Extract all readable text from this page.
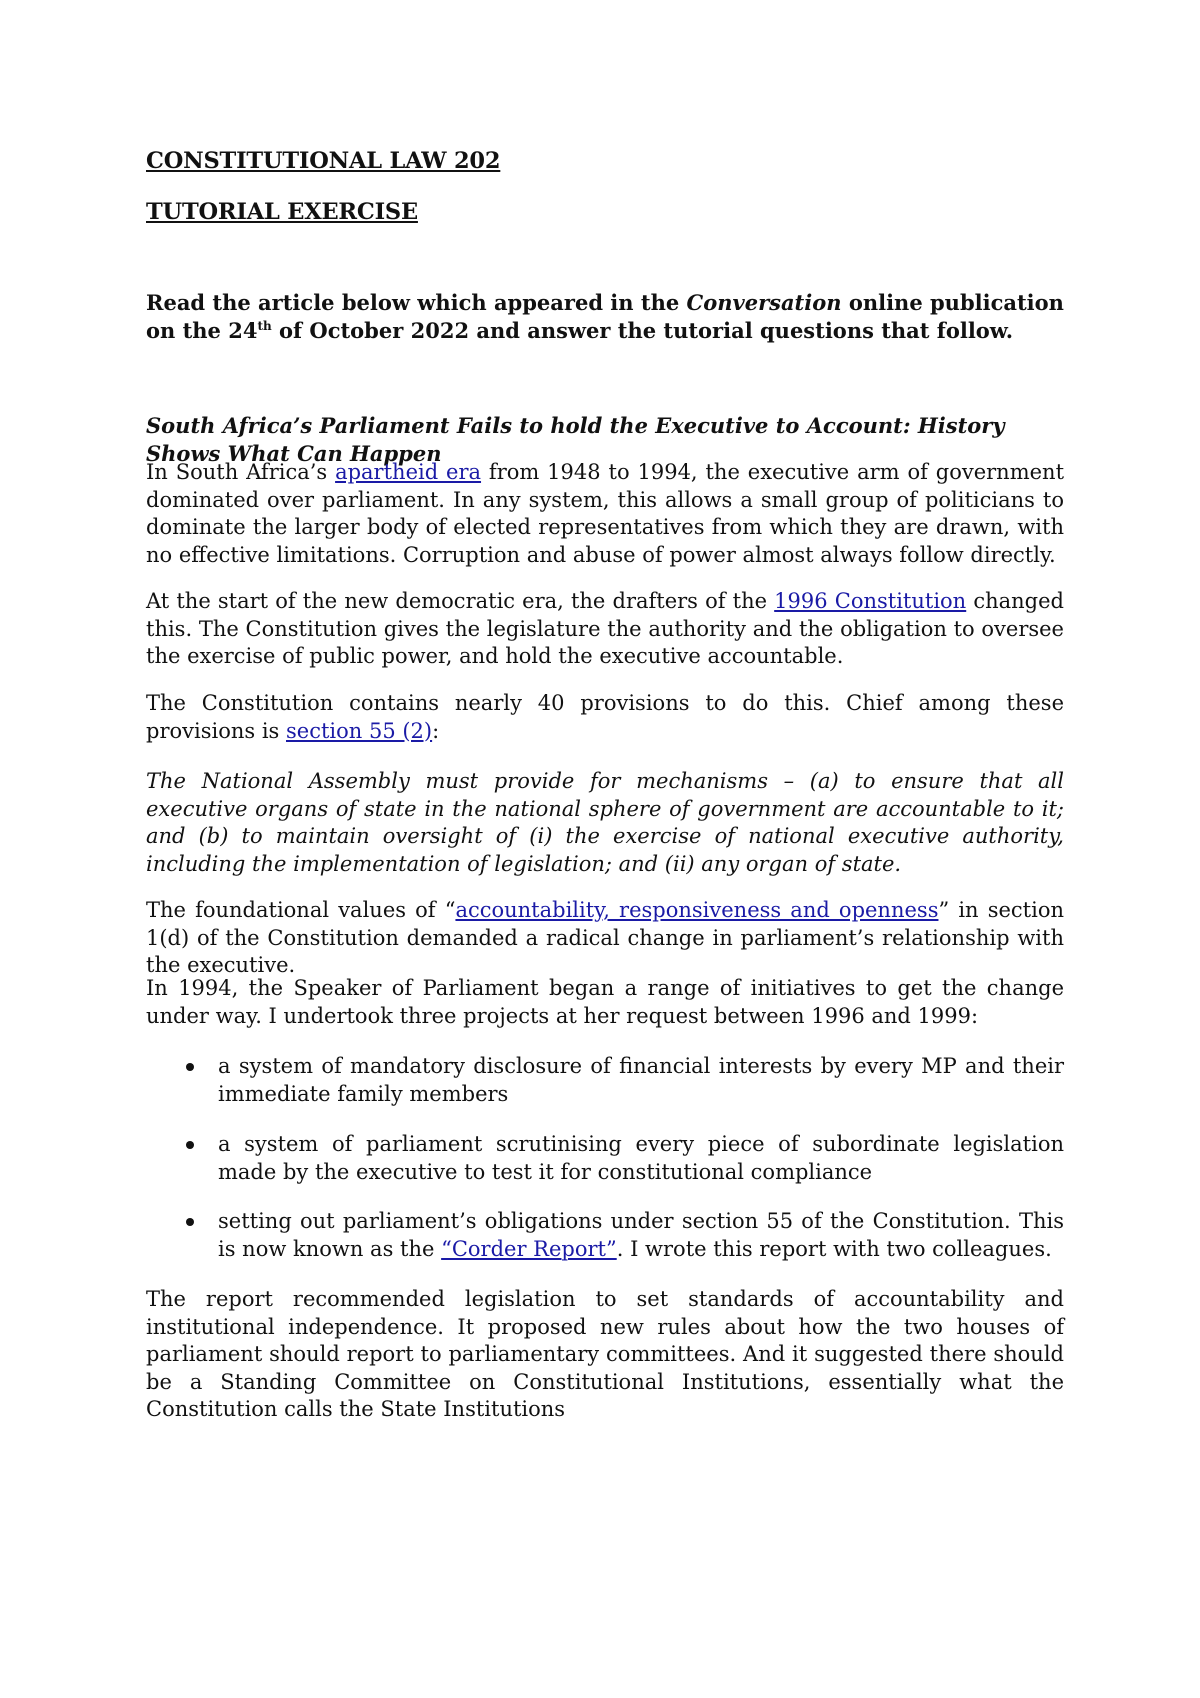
CONSTITUTIONAL LAW 202
TUTORIAL EXERCISE

Read the article below which appeared in the Conversation online publication on the 24th of October 2022 and answer the tutorial questions that follow.

South Africa’s Parliament Fails to hold the Executive to Account: History Shows What Can Happen

In South Africa’s apartheid era from 1948 to 1994, the executive arm of government dominated over parliament. In any system, this allows a small group of politicians to dominate the larger body of elected representatives from which they are drawn, with no effective limitations. Corruption and abuse of power almost always follow directly.

At the start of the new democratic era, the drafters of the 1996 Constitution changed this. The Constitution gives the legislature the authority and the obligation to oversee the exercise of public power, and hold the executive accountable.

The Constitution contains nearly 40 provisions to do this. Chief among these provisions is section 55 (2):

The National Assembly must provide for mechanisms – (a) to ensure that all executive organs of state in the national sphere of government are accountable to it; and (b) to maintain oversight of (i) the exercise of national executive authority, including the implementation of legislation; and (ii) any organ of state.

The foundational values of “accountability, responsiveness and openness” in section 1(d) of the Constitution demanded a radical change in parliament’s relationship with the executive.

In 1994, the Speaker of Parliament began a range of initiatives to get the change under way. I undertook three projects at her request between 1996 and 1999:

a system of mandatory disclosure of financial interests by every MP and their immediate family members
a system of parliament scrutinising every piece of subordinate legislation made by the executive to test it for constitutional compliance
setting out parliament’s obligations under section 55 of the Constitution. This is now known as the “Corder Report”. I wrote this report with two colleagues.

The report recommended legislation to set standards of accountability and institutional independence. It proposed new rules about how the two houses of parliament should report to parliamentary committees. And it suggested there should be a Standing Committee on Constitutional Institutions, essentially what the Constitution calls the State Institutions
